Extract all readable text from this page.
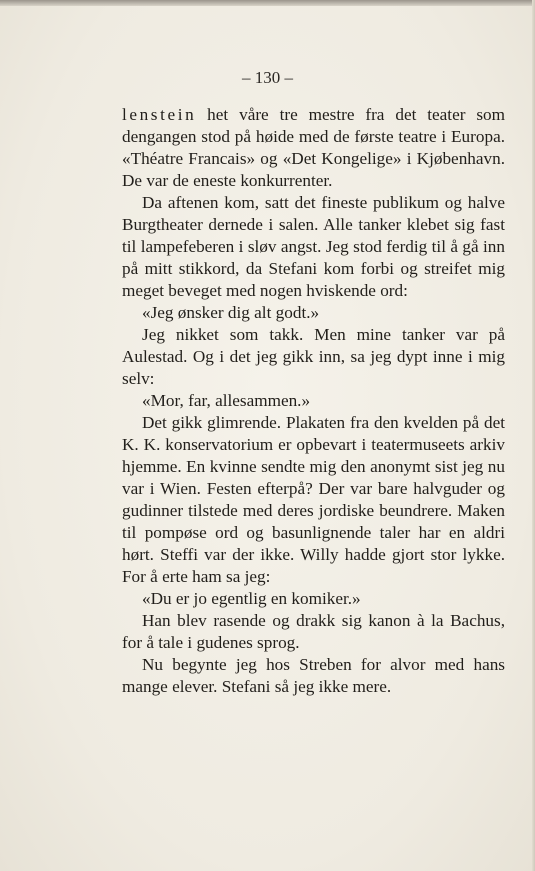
– 130 –

lenstein het våre tre mestre fra det teater som dengangen stod på høide med de første teatre i Europa. «Théatre Francais» og «Det Kongelige» i Kjøbenhavn. De var de eneste konkurrenter.

Da aftenen kom, satt det fineste publikum og halve Burgtheater dernede i salen. Alle tanker klebet sig fast til lampefeberen i sløv angst. Jeg stod ferdig til å gå inn på mitt stikkord, da Stefani kom forbi og streifet mig meget beveget med nogen hviskende ord:

«Jeg ønsker dig alt godt.»

Jeg nikket som takk. Men mine tanker var på Aulestad. Og i det jeg gikk inn, sa jeg dypt inne i mig selv:

«Mor, far, allesammen.»

Det gikk glimrende. Plakaten fra den kvelden på det K. K. konservatorium er opbevart i teatermuseets arkiv hjemme. En kvinne sendte mig den anonymt sist jeg nu var i Wien. Festen efterpå? Der var bare halvguder og gudinner tilstede med deres jordiske beundrere. Maken til pompøse ord og basunlignende taler har en aldri hørt. Steffi var der ikke. Willy hadde gjort stor lykke. For å erte ham sa jeg:

«Du er jo egentlig en komiker.»

Han blev rasende og drakk sig kanon à la Bachus, for å tale i gudenes sprog.

Nu begynte jeg hos Streben for alvor med hans mange elever. Stefani så jeg ikke mere.
